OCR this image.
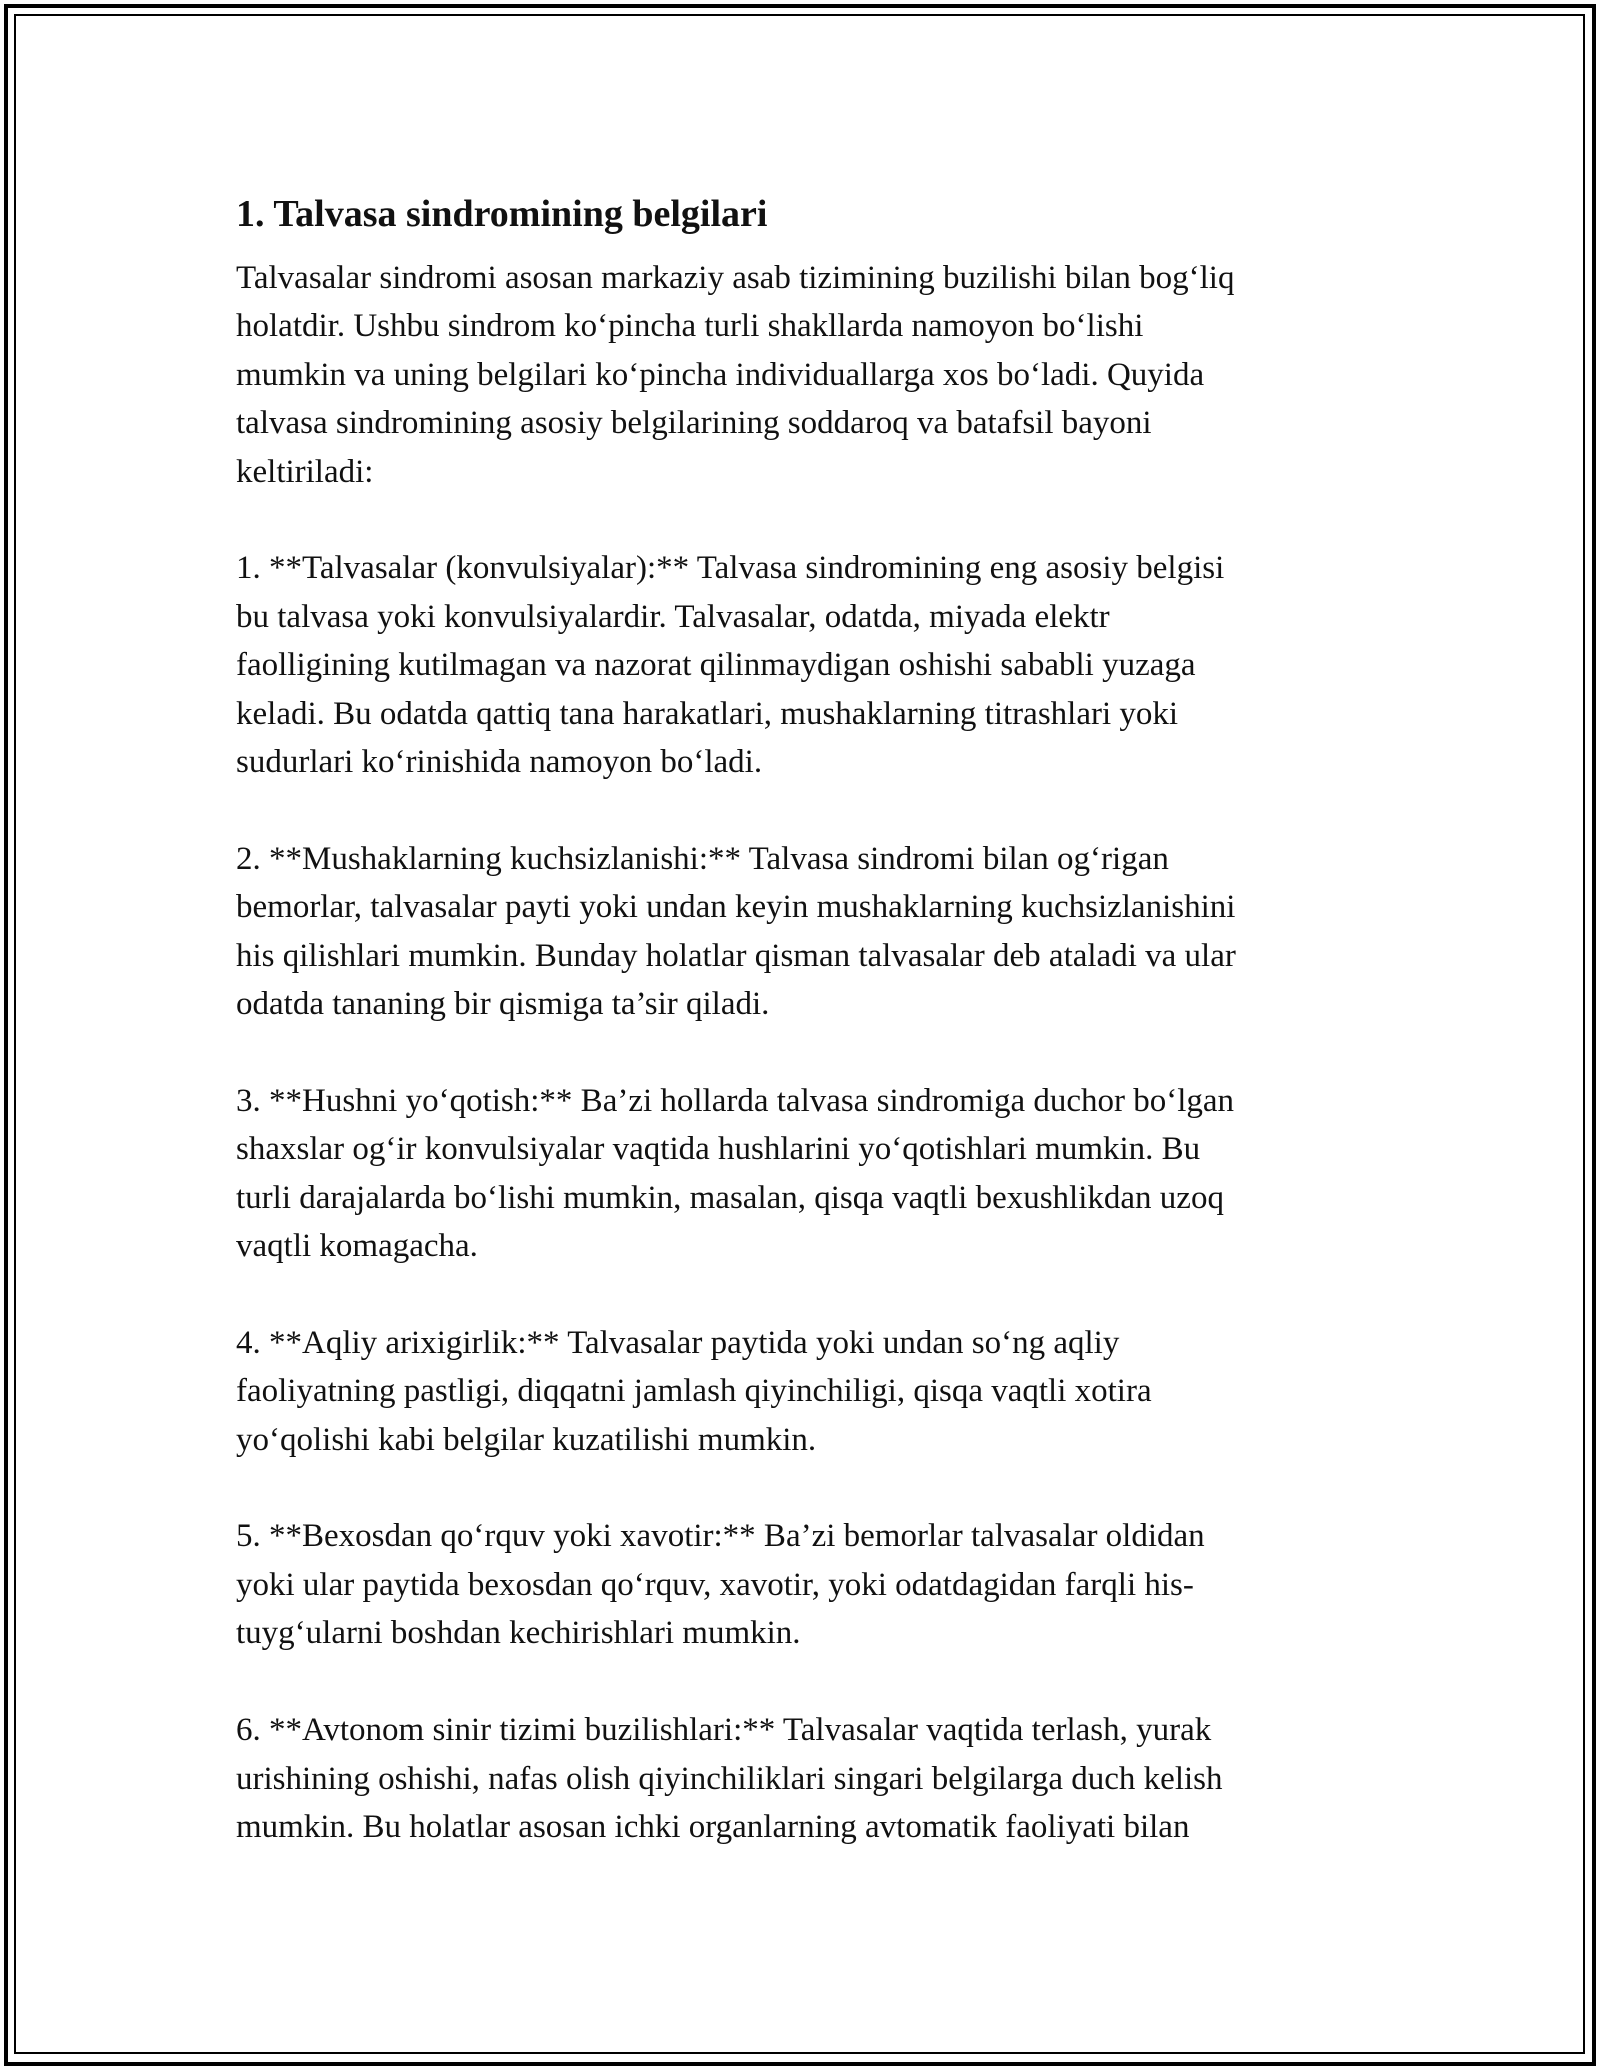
1. Talvasa sindromining belgilari

Talvasalar sindromi asosan markaziy asab tizimining buzilishi bilan bog‘liq
holatdir. Ushbu sindrom ko‘pincha turli shakllarda namoyon bo‘lishi
mumkin va uning belgilari ko‘pincha individuallarga xos bo‘ladi. Quyida
talvasa sindromining asosiy belgilarining soddaroq va batafsil bayoni
keltiriladi:

1. **Talvasalar (konvulsiyalar):** Talvasa sindromining eng asosiy belgisi
bu talvasa yoki konvulsiyalardir. Talvasalar, odatda, miyada elektr
faolligining kutilmagan va nazorat qilinmaydigan oshishi sababli yuzaga
keladi. Bu odatda qattiq tana harakatlari, mushaklarning titrashlari yoki
sudurlari ko‘rinishida namoyon bo‘ladi.

2. **Mushaklarning kuchsizlanishi:** Talvasa sindromi bilan og‘rigan
bemorlar, talvasalar payti yoki undan keyin mushaklarning kuchsizlanishini
his qilishlari mumkin. Bunday holatlar qisman talvasalar deb ataladi va ular
odatda tananing bir qismiga ta’sir qiladi.

3. **Hushni yo‘qotish:** Ba’zi hollarda talvasa sindromiga duchor bo‘lgan
shaxslar og‘ir konvulsiyalar vaqtida hushlarini yo‘qotishlari mumkin. Bu
turli darajalarda bo‘lishi mumkin, masalan, qisqa vaqtli bexushlikdan uzoq
vaqtli komagacha.

4. **Aqliy arixigirlik:** Talvasalar paytida yoki undan so‘ng aqliy
faoliyatning pastligi, diqqatni jamlash qiyinchiligi, qisqa vaqtli xotira
yo‘qolishi kabi belgilar kuzatilishi mumkin.

5. **Bexosdan qo‘rquv yoki xavotir:** Ba’zi bemorlar talvasalar oldidan
yoki ular paytida bexosdan qo‘rquv, xavotir, yoki odatdagidan farqli his-
tuyg‘ularni boshdan kechirishlari mumkin.

6. **Avtonom sinir tizimi buzilishlari:** Talvasalar vaqtida terlash, yurak
urishining oshishi, nafas olish qiyinchiliklari singari belgilarga duch kelish
mumkin. Bu holatlar asosan ichki organlarning avtomatik faoliyati bilan
